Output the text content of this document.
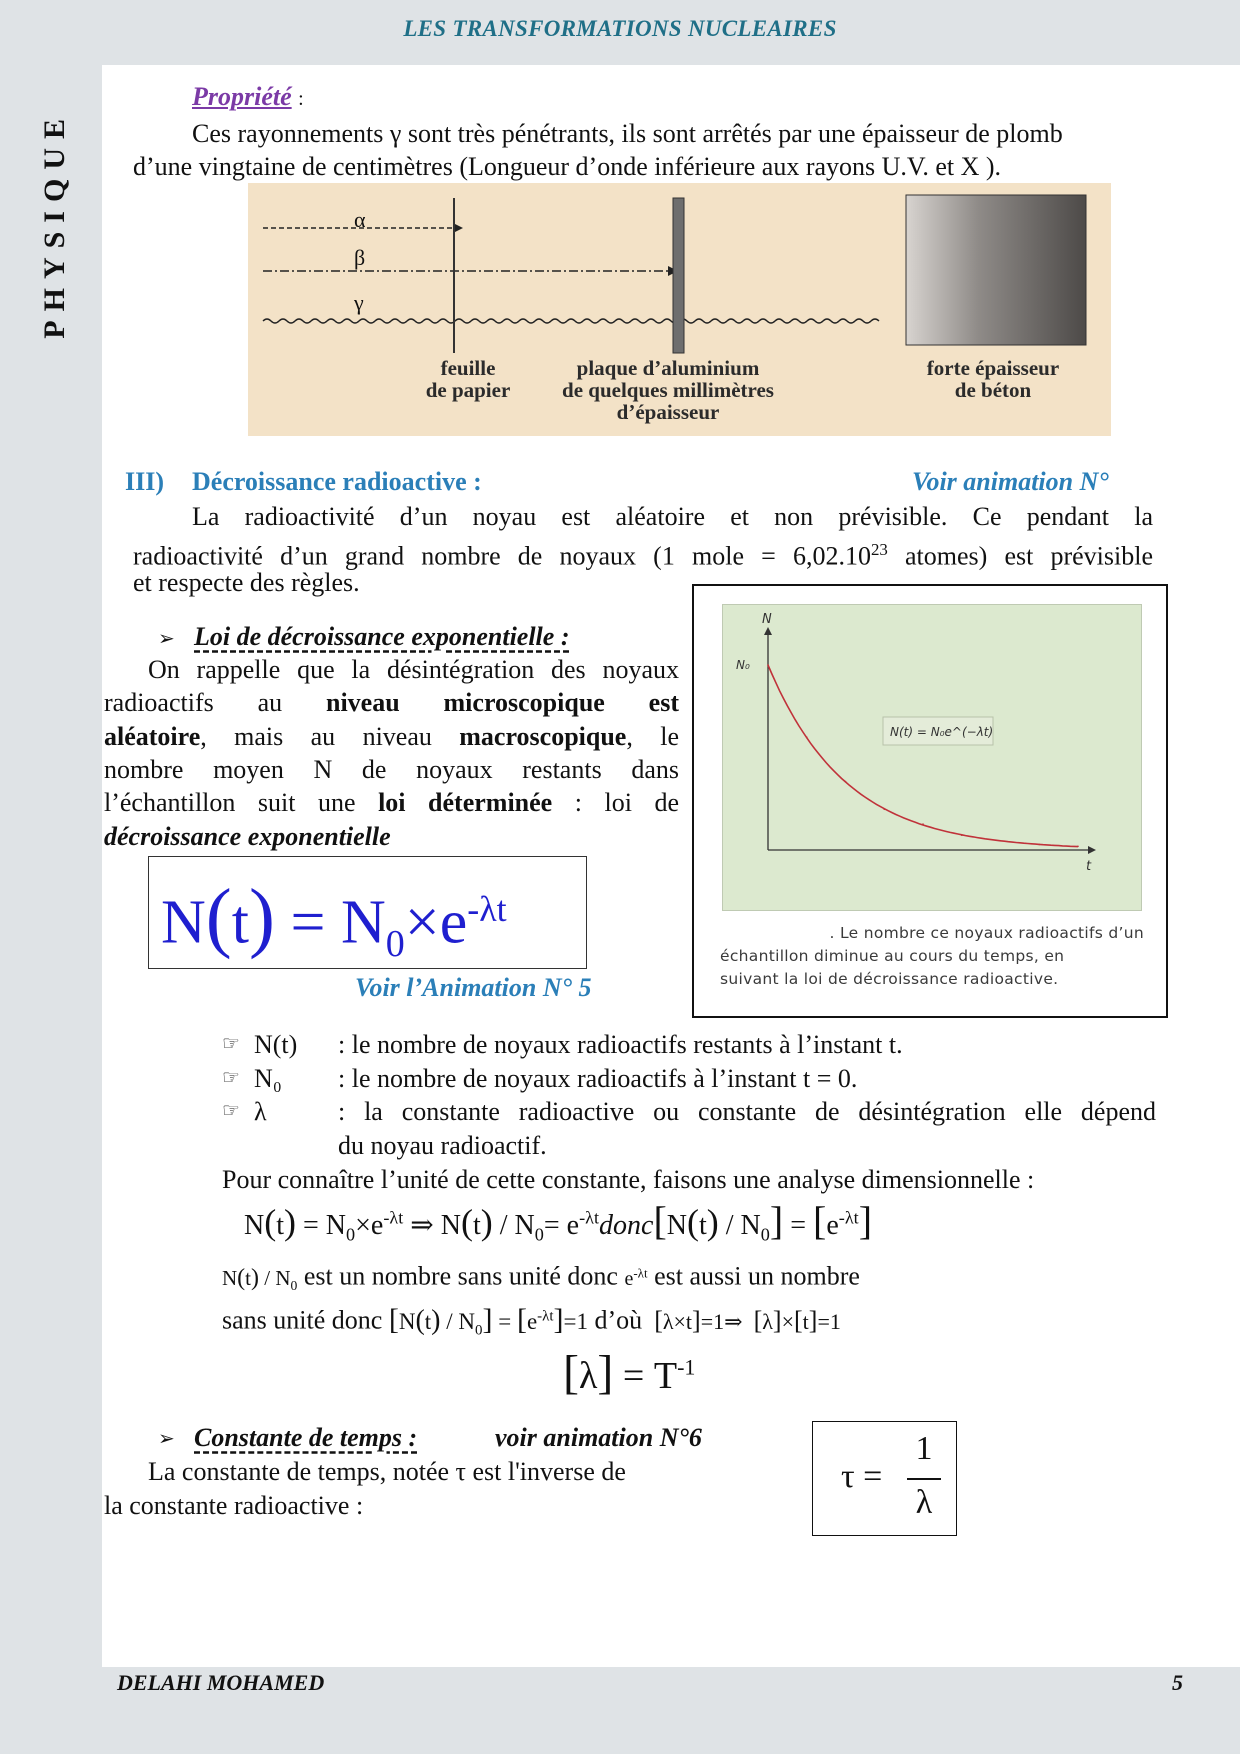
LES TRANSFORMATIONS NUCLEAIRES
PHYSIQUE
Propriété :
Ces rayonnements γ sont très pénétrants, ils sont arrêtés par une épaisseur de plomb
d’une vingtaine de centimètres (Longueur d’onde inférieure aux rayons U.V. et X ).
α
β
γ
feuille
de papier
plaque d’aluminium
de quelques millimètres
d’épaisseur
forte épaisseur
de béton
III) Décroissance radioactive :	Voir animation N°
La radioactivité d’un noyau est aléatoire et non prévisible. Ce pendant la
radioactivité d’un grand nombre de noyaux (1 mole = $6,02.10^{23}$ atomes) est prévisible
et respecte des règles.
➢ Loi de décroissance exponentielle :
On rappelle que la désintégration des noyaux
radioactifs au niveau microscopique est
aléatoire, mais au niveau macroscopique, le
nombre moyen N de noyaux restants dans
l’échantillon suit une loi déterminée : loi de
décroissance exponentielle
$N(t) = N_0\times e^{-\lambda t}$
Voir l’Animation N° 5
N
t
N₀
N(t) = N₀e^(−λt)
. Le nombre ce noyaux radioactifs d’un
échantillon diminue au cours du temps, en
suivant la loi de décroissance radioactive.
☞ N(t)	: le nombre de noyaux radioactifs restants à l’instant t.
☞ N₀	: le nombre de noyaux radioactifs à l’instant t = 0.
☞ λ	: la constante radioactive ou constante de désintégration elle dépend
du noyau radioactif.
Pour connaître l’unité de cette constante, faisons une analyse dimensionnelle :
$N(t) = N_0\times e^{-\lambda t}$ ⇒ $N(t) / N_0=$ $e^{-\lambda t}donc[N(t) / N_0] = [e^{-\lambda t}]$
$N(t) / N_0$ est un nombre sans unité donc $e^{-\lambda t}$ est aussi un nombre
sans unité donc $[N(t) / N_0] = [e^{-\lambda t}]=1$ d’où  [λ×t]=1⇒  [λ]×[t]=1
$[\lambda] = T^{-1}$
➢ Constante de temps :	voir animation N°6
La constante de temps, notée τ est l'inverse de
la constante radioactive :
τ =
1
λ
DELAHI MOHAMED	5
